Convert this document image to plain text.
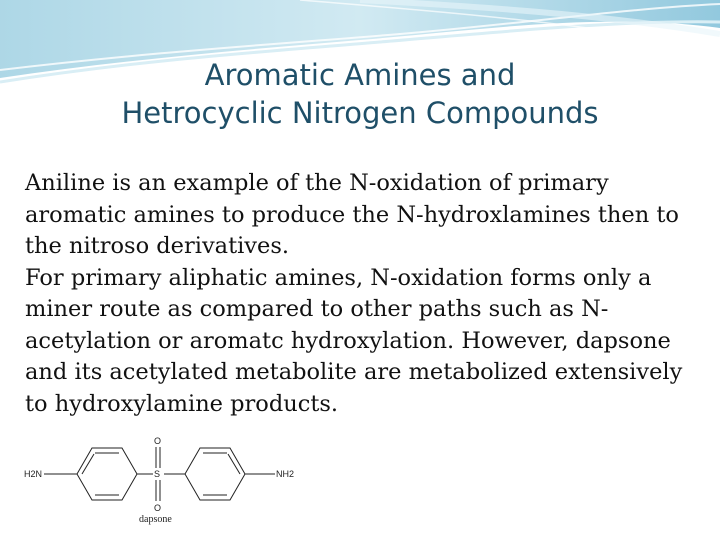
Aromatic Amines and
Hetrocyclic Nitrogen Compounds

Aniline is an example of the N-oxidation of primary aromatic amines to produce the N-hydroxlamines then to the nitroso derivatives.

For primary aliphatic amines, N-oxidation forms only a miner route as compared to other paths such as N-acetylation or aromatc hydroxylation. However, dapsone and its acetylated metabolite are metabolized extensively to hydroxylamine products.

H2N	S	NH2
O
O
dapsone
